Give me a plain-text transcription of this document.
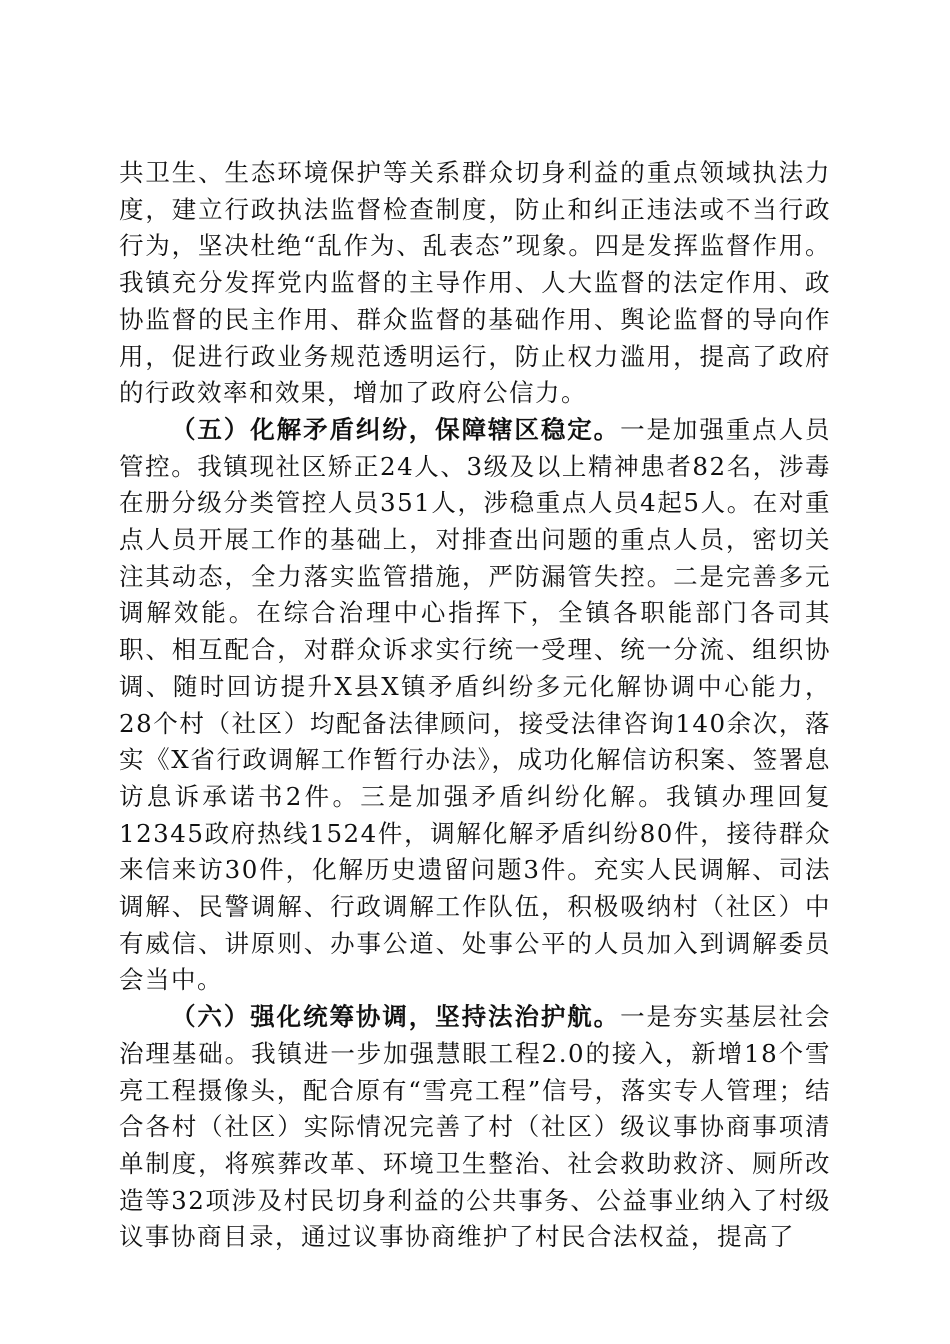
共卫生、生态环境保护等关系群众切身利益的重点领域执法力度，建立行政执法监督检查制度，防止和纠正违法或不当行政行为，坚决杜绝“乱作为、乱表态”现象。四是发挥监督作用。我镇充分发挥党内监督的主导作用、人大监督的法定作用、政协监督的民主作用、群众监督的基础作用、舆论监督的导向作用，促进行政业务规范透明运行，防止权力滥用，提高了政府的行政效率和效果，增加了政府公信力。

（五）化解矛盾纠纷，保障辖区稳定。一是加强重点人员管控。我镇现社区矫正24人、3级及以上精神患者82名，涉毒在册分级分类管控人员351人，涉稳重点人员4起5人。在对重点人员开展工作的基础上，对排查出问题的重点人员，密切关注其动态，全力落实监管措施，严防漏管失控。二是完善多元调解效能。在综合治理中心指挥下，全镇各职能部门各司其职、相互配合，对群众诉求实行统一受理、统一分流、组织协调、随时回访提升X县X镇矛盾纠纷多元化解协调中心能力，28个村（社区）均配备法律顾问，接受法律咨询140余次，落实《X省行政调解工作暂行办法》，成功化解信访积案、签署息访息诉承诺书2件。三是加强矛盾纠纷化解。我镇办理回复12345政府热线1524件，调解化解矛盾纠纷80件，接待群众来信来访30件，化解历史遗留问题3件。充实人民调解、司法调解、民警调解、行政调解工作队伍，积极吸纳村（社区）中有威信、讲原则、办事公道、处事公平的人员加入到调解委员会当中。

（六）强化统筹协调，坚持法治护航。一是夯实基层社会治理基础。我镇进一步加强慧眼工程2.0的接入，新增18个雪亮工程摄像头，配合原有“雪亮工程”信号，落实专人管理；结合各村（社区）实际情况完善了村（社区）级议事协商事项清单制度，将殡葬改革、环境卫生整治、社会救助救济、厕所改造等32项涉及村民切身利益的公共事务、公益事业纳入了村级议事协商目录，通过议事协商维护了村民合法权益，提高了
